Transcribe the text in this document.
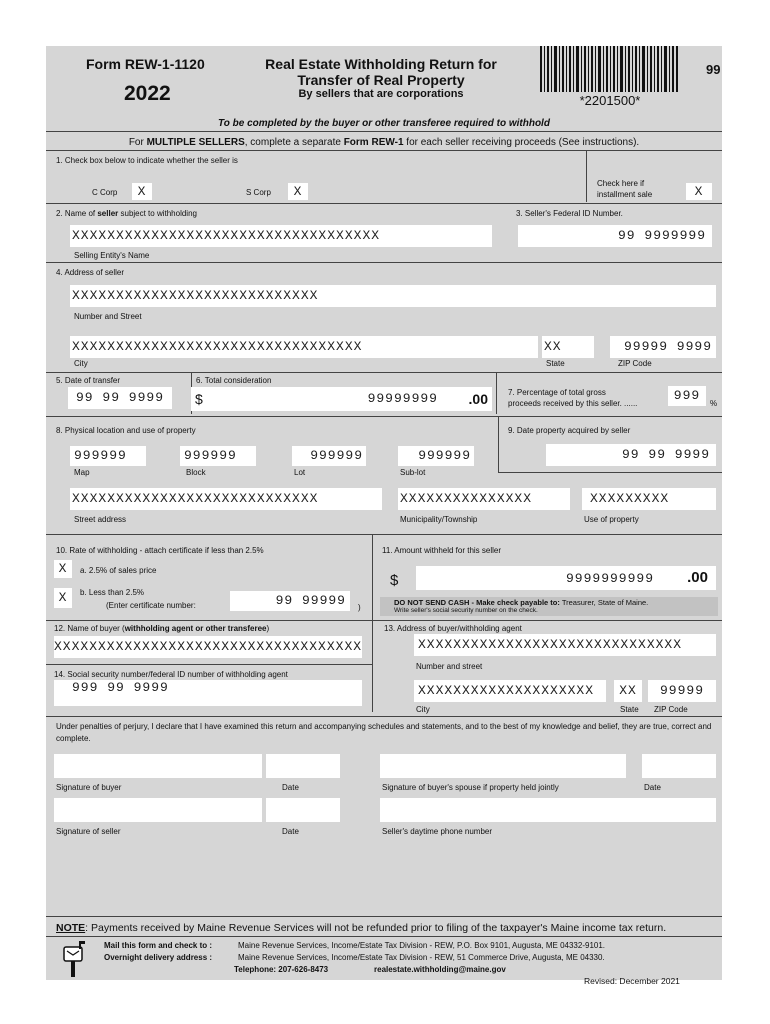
Form REW-1-1120
2022
Real Estate Withholding Return for
Transfer of Real Property
By sellers that are corporations	*2201500*
99
To be completed by the buyer or other transferee required to withhold
For MULTIPLE SELLERS, complete a separate Form REW-1 for each seller receiving proceeds (See instructions).
1. Check box below to indicate whether the seller is
C Corp	X	S Corp	X
Check here if
installment sale	X
2. Name of seller subject to withholding
XXXXXXXXXXXXXXXXXXXXXXXXXXXXXXXXXXX
Selling Entity's Name
3. Seller's Federal ID Number.
99 9999999
4. Address of seller
XXXXXXXXXXXXXXXXXXXXXXXXXXXX
Number and Street
XXXXXXXXXXXXXXXXXXXXXXXXXXXXXXXXX
City
XX
State
99999 9999
ZIP Code
5. Date of transfer
99 99 9999
6. Total consideration
$	99999999 .00	7. Percentage of total gross
proceeds received by this seller. ......
999
%
8. Physical location and use of property	9. Date property acquired by seller
99 99 9999
999999
Map
999999
Block
999999
Lot
999999
Sub-lot
XXXXXXXXXXXXXXXXXXXXXXXXXXXX
Street address
XXXXXXXXXXXXXXX
Municipality/Township
XXXXXXXXX
Use of property
10. Rate of withholding - attach certificate if less than 2.5%
X	a. 2.5% of sales price
X	b. Less than 2.5%
(Enter certificate number:	99 99999	)
11. Amount withheld for this seller
$	9999999999 .00
DO NOT SEND CASH - Make check payable to: Treasurer, State of Maine.
Write seller's social security number on the check.
12. Name of buyer (withholding agent or other transferee)
XXXXXXXXXXXXXXXXXXXXXXXXXXXXXXXXXXX
13. Address of buyer/withholding agent
XXXXXXXXXXXXXXXXXXXXXXXXXXXXXX
Number and street
14. Social security number/federal ID number of withholding agent
999 99 9999	XXXXXXXXXXXXXXXXXXXX
City
XX
State
99999
ZIP Code
Under penalties of perjury, I declare that I have examined this return and accompanying schedules and statements, and to the best of my knowledge and belief, they are true, correct and complete.
Signature of buyer	Date	Signature of buyer's spouse if property held jointly	Date
Signature of seller	Date	Seller's daytime phone number
NOTE: Payments received by Maine Revenue Services will not be refunded prior to filing of the taxpayer's Maine income tax return.
Mail this form and check to :	Maine Revenue Services, Income/Estate Tax Division - REW, P.O. Box 9101, Augusta, ME 04332-9101.
Overnight delivery address :	Maine Revenue Services, Income/Estate Tax Division - REW, 51 Commerce Drive, Augusta, ME 04330.
Telephone: 207-626-8473	realestate.withholding@maine.gov
Revised: December 2021
